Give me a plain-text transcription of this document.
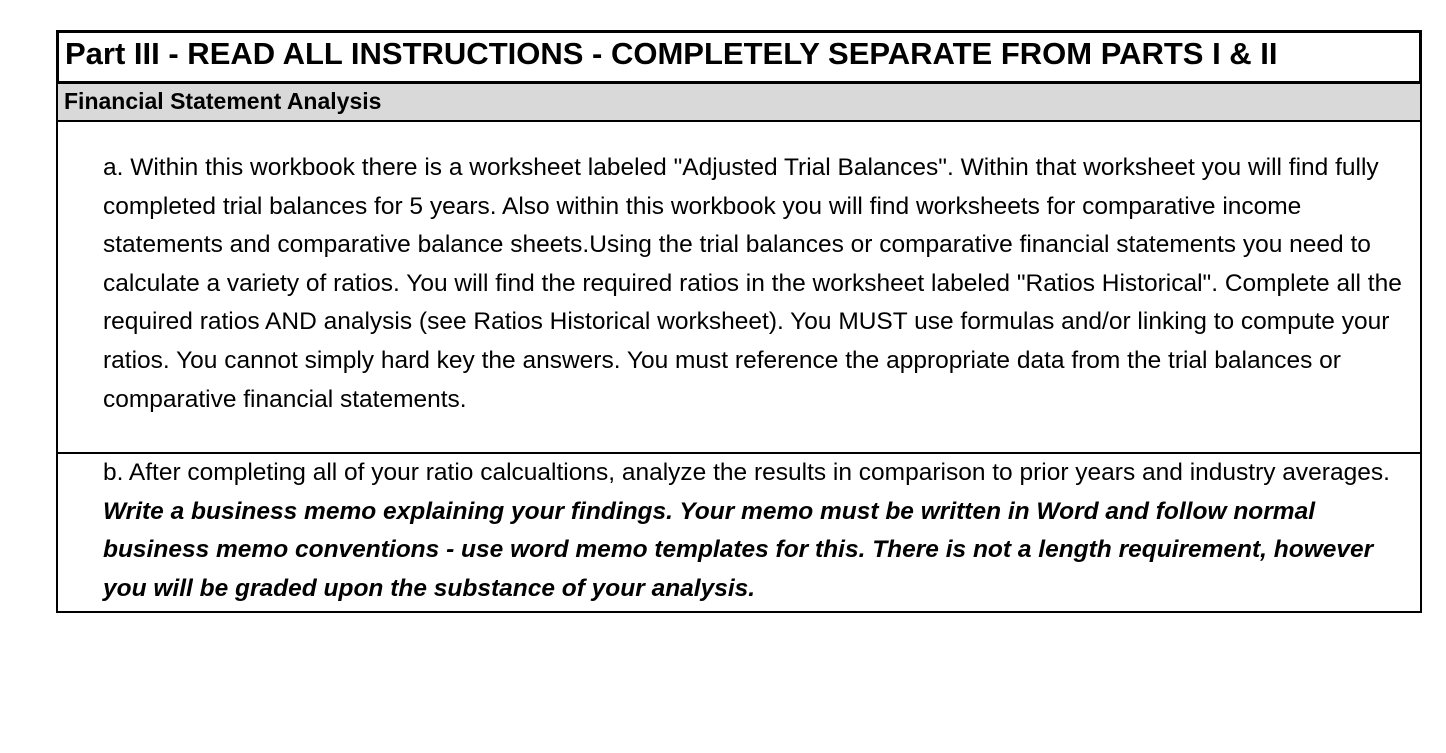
Part III - READ ALL INSTRUCTIONS - COMPLETELY SEPARATE FROM PARTS I & II
Financial Statement Analysis
a. Within this workbook there is a worksheet labeled "Adjusted Trial Balances". Within that worksheet you will find fully completed trial balances for 5 years. Also within this workbook you will find worksheets for comparative income statements and comparative balance sheets.Using the trial balances or comparative financial statements you need to calculate a variety of ratios. You will find the required ratios in the worksheet labeled "Ratios Historical". Complete all the required ratios AND analysis (see Ratios Historical worksheet). You MUST use formulas and/or linking to compute your ratios. You cannot simply hard key the answers. You must reference the appropriate data from the trial balances or comparative financial statements.
b. After completing all of your ratio calcualtions, analyze the results in comparison to prior years and industry averages.  Write a business memo explaining your findings. Your memo must be written in Word and follow normal business memo conventions - use word memo templates for this. There is not a length requirement, however you will be graded upon the substance of your analysis.
